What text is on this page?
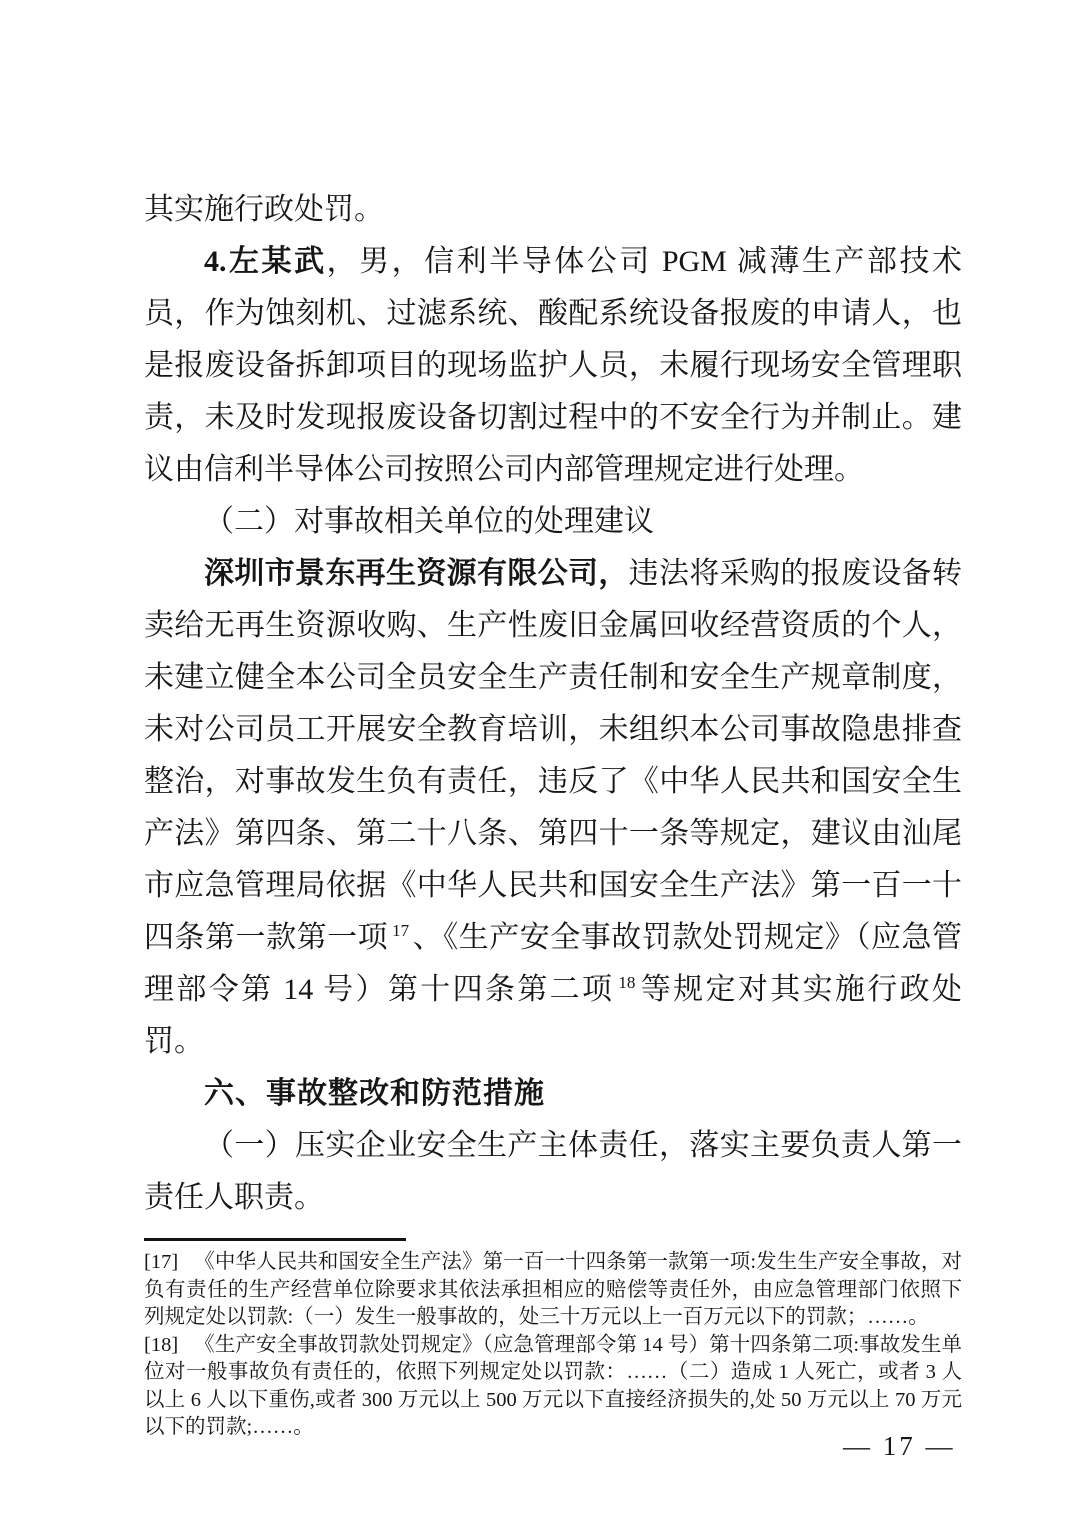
其实施行政处罚。

4.左某武，男，信利半导体公司 PGM 减薄生产部技术员，作为蚀刻机、过滤系统、酸配系统设备报废的申请人，也是报废设备拆卸项目的现场监护人员，未履行现场安全管理职责，未及时发现报废设备切割过程中的不安全行为并制止。建议由信利半导体公司按照公司内部管理规定进行处理。

（二）对事故相关单位的处理建议

深圳市景东再生资源有限公司，违法将采购的报废设备转卖给无再生资源收购、生产性废旧金属回收经营资质的个人，未建立健全本公司全员安全生产责任制和安全生产规章制度，未对公司员工开展安全教育培训，未组织本公司事故隐患排查整治，对事故发生负有责任，违反了《中华人民共和国安全生产法》第四条、第二十八条、第四十一条等规定，建议由汕尾市应急管理局依据《中华人民共和国安全生产法》第一百一十四条第一款第一项 $^{17}$ 、《生产安全事故罚款处罚规定》（应急管理部令第 14 号）第十四条第二项 $^{18}$ 等规定对其实施行政处罚。

六、事故整改和防范措施

（一）压实企业安全生产主体责任，落实主要负责人第一责任人职责。

[17] 《中华人民共和国安全生产法》第一百一十四条第一款第一项:发生生产安全事故，对负有责任的生产经营单位除要求其依法承担相应的赔偿等责任外，由应急管理部门依照下列规定处以罚款:（一）发生一般事故的，处三十万元以上一百万元以下的罚款；……。

[18] 《生产安全事故罚款处罚规定》（应急管理部令第 14 号）第十四条第二项:事故发生单位对一般事故负有责任的，依照下列规定处以罚款：……（二）造成 1 人死亡，或者 3 人以上 6 人以下重伤,或者 300 万元以上 500 万元以下直接经济损失的,处 50 万元以上 70 万元以下的罚款;……。

— 17 —
